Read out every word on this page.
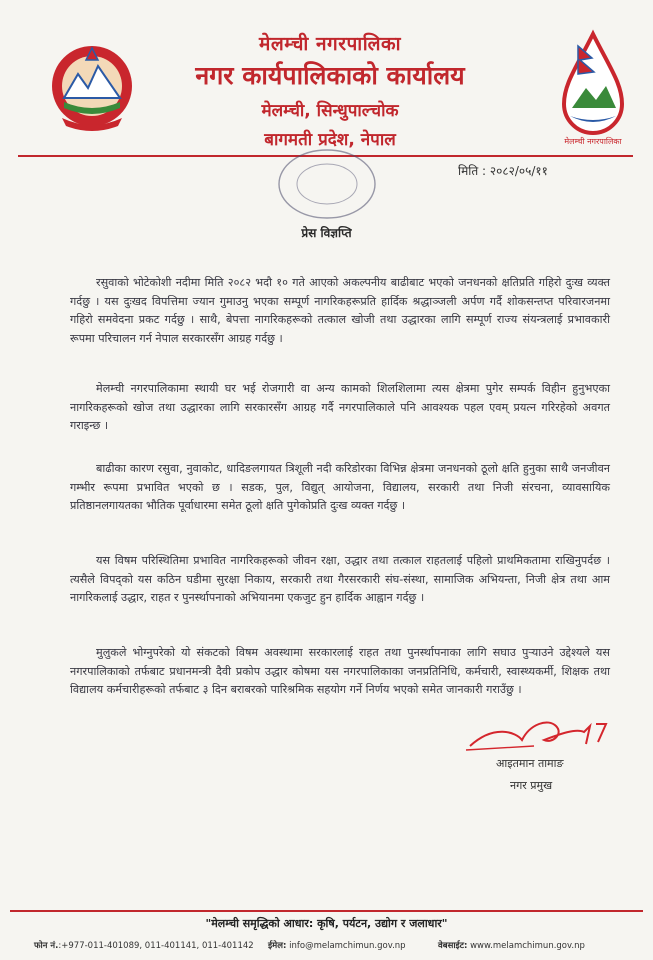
मेलम्ची नगरपालिका
मेलम्ची नगरपालिका
नगर कार्यपालिकाको कार्यालय
मेलम्ची, सिन्धुपाल्चोक
बागमती प्रदेश, नेपाल
मिति : २०८२/०५/११
प्रेस विज्ञप्ति

रसुवाको भोटेकोशी नदीमा मिति २०८२ भदौ १० गते आएको अकल्पनीय बाढीबाट भएको जनधनको क्षतिप्रति गहिरो दुःख व्यक्त गर्दछु । यस दुःखद विपत्तिमा ज्यान गुमाउनु भएका सम्पूर्ण नागरिकहरूप्रति हार्दिक श्रद्धाञ्जली अर्पण गर्दै शोकसन्तप्त परिवारजनमा गहिरो समवेदना प्रकट गर्दछु । साथै, बेपत्ता नागरिकहरूको तत्काल खोजी तथा उद्धारका लागि सम्पूर्ण राज्य संयन्त्रलाई प्रभावकारी रूपमा परिचालन गर्न नेपाल सरकारसँग आग्रह गर्दछु ।

मेलम्ची नगरपालिकामा स्थायी घर भई रोजगारी वा अन्य कामको शिलशिलामा त्यस क्षेत्रमा पुगेर सम्पर्क विहीन हुनुभएका नागरिकहरूको खोज तथा उद्धारका लागि सरकारसँग आग्रह गर्दै नगरपालिकाले पनि आवश्यक पहल एवम् प्रयत्न गरिरहेको अवगत गराइन्छ ।

बाढीका कारण रसुवा, नुवाकोट, धादिङलगायत त्रिशूली नदी करिडोरका विभिन्न क्षेत्रमा जनधनको ठूलो क्षति हुनुका साथै जनजीवन गम्भीर रूपमा प्रभावित भएको छ । सडक, पुल, विद्युत् आयोजना, विद्यालय, सरकारी तथा निजी संरचना, व्यावसायिक प्रतिष्ठानलगायतका भौतिक पूर्वाधारमा समेत ठूलो क्षति पुगेकोप्रति दुःख व्यक्त गर्दछु ।

यस विषम परिस्थितिमा प्रभावित नागरिकहरूको जीवन रक्षा, उद्धार तथा तत्काल राहतलाई पहिलो प्राथमिकतामा राखिनुपर्दछ । त्यसैले विपद्को यस कठिन घडीमा सुरक्षा निकाय, सरकारी तथा गैरसरकारी संघ-संस्था, सामाजिक अभियन्ता, निजी क्षेत्र तथा आम नागरिकलाई उद्धार, राहत र पुनर्स्थापनाको अभियानमा एकजुट हुन हार्दिक आह्वान गर्दछु ।

मुलुकले भोग्नुपरेको यो संकटको विषम अवस्थामा सरकारलाई राहत तथा पुनर्स्थापनाका लागि सघाउ पुऱ्याउने उद्देश्यले यस नगरपालिकाको तर्फबाट प्रधानमन्त्री दैवी प्रकोप उद्धार कोषमा यस नगरपालिकाका जनप्रतिनिधि, कर्मचारी, स्वास्थ्यकर्मी, शिक्षक तथा विद्यालय कर्मचारीहरूको तर्फबाट ३ दिन बराबरको पारिश्रमिक सहयोग गर्ने निर्णय भएको समेत जानकारी गराउँछु ।

आइतमान तामाङ
नगर प्रमुख
"मेलम्ची समृद्धिको आधार: कृषि, पर्यटन, उद्योग र जलाधार"
फोन नं.:+977-011-401089, 011-401141, 011-401142 ईमेल: info@melamchimun.gov.np	वेबसाईट: www.melamchimun.gov.np
